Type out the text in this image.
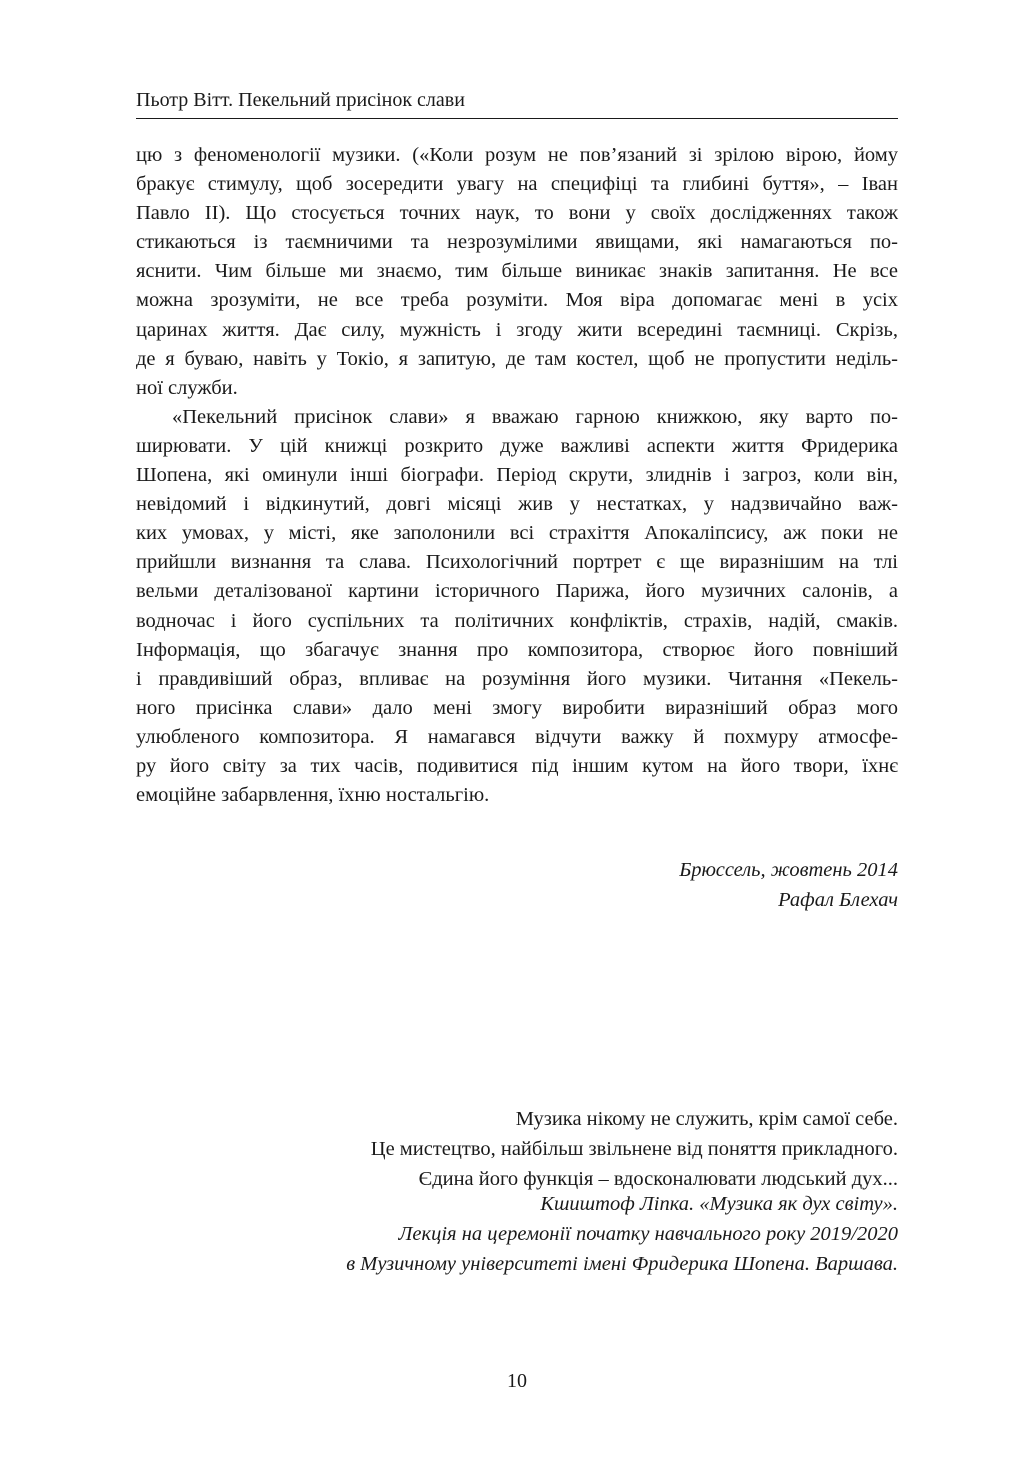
Пьотр Вітт. Пекельний присінок слави

цю з феноменології музики. («Коли розум не пов’язаний зі зрілою вірою, йому
бракує стимулу, щоб зосередити увагу на специфіці та глибині буття», – Іван
Павло ІІ). Що стосується точних наук, то вони у своїх дослідженнях також
стикаються із таємничими та незрозумілими явищами, які намагаються по-
яснити. Чим більше ми знаємо, тим більше виникає знаків запитання. Не все
можна зрозуміти, не все треба розуміти. Моя віра допомагає мені в усіх
царинах життя. Дає силу, мужність і згоду жити всередині таємниці. Скрізь,
де я буваю, навіть у Токіо, я запитую, де там костел, щоб не пропустити неділь-
ної служби.

«Пекельний присінок слави» я вважаю гарною книжкою, яку варто по-
ширювати. У цій книжці розкрито дуже важливі аспекти життя Фридерика
Шопена, які оминули інші біографи. Період скрути, злиднів і загроз, коли він,
невідомий і відкинутий, довгі місяці жив у нестатках, у надзвичайно важ-
ких умовах, у місті, яке заполонили всі страхіття Апокаліпсису, аж поки не
прийшли визнання та слава. Психологічний портрет є ще виразнішим на тлі
вельми деталізованої картини історичного Парижа, його музичних салонів, а
водночас і його суспільних та політичних конфліктів, страхів, надій, смаків.
Інформація, що збагачує знання про композитора, створює його повніший
і правдивіший образ, впливає на розуміння його музики. Читання «Пекель-
ного присінка слави» дало мені змогу виробити виразніший образ мого
улюбленого композитора. Я намагався відчути важку й похмуру атмосфе-
ру його світу за тих часів, подивитися під іншим кутом на його твори, їхнє
емоційне забарвлення, їхню ностальгію.

Брюссель, жовтень 2014
Рафал Блехач
Музика нікому не служить, крім самої себе.
Це мистецтво, найбільш звільнене від поняття прикладного.
Єдина його функція – вдосконалювати людський дух...
Кшиштоф Ліпка. «Музика як дух світу».
Лекція на церемонії початку навчального року 2019/2020
в Музичному університеті імені Фридерика Шопена. Варшава.
10
